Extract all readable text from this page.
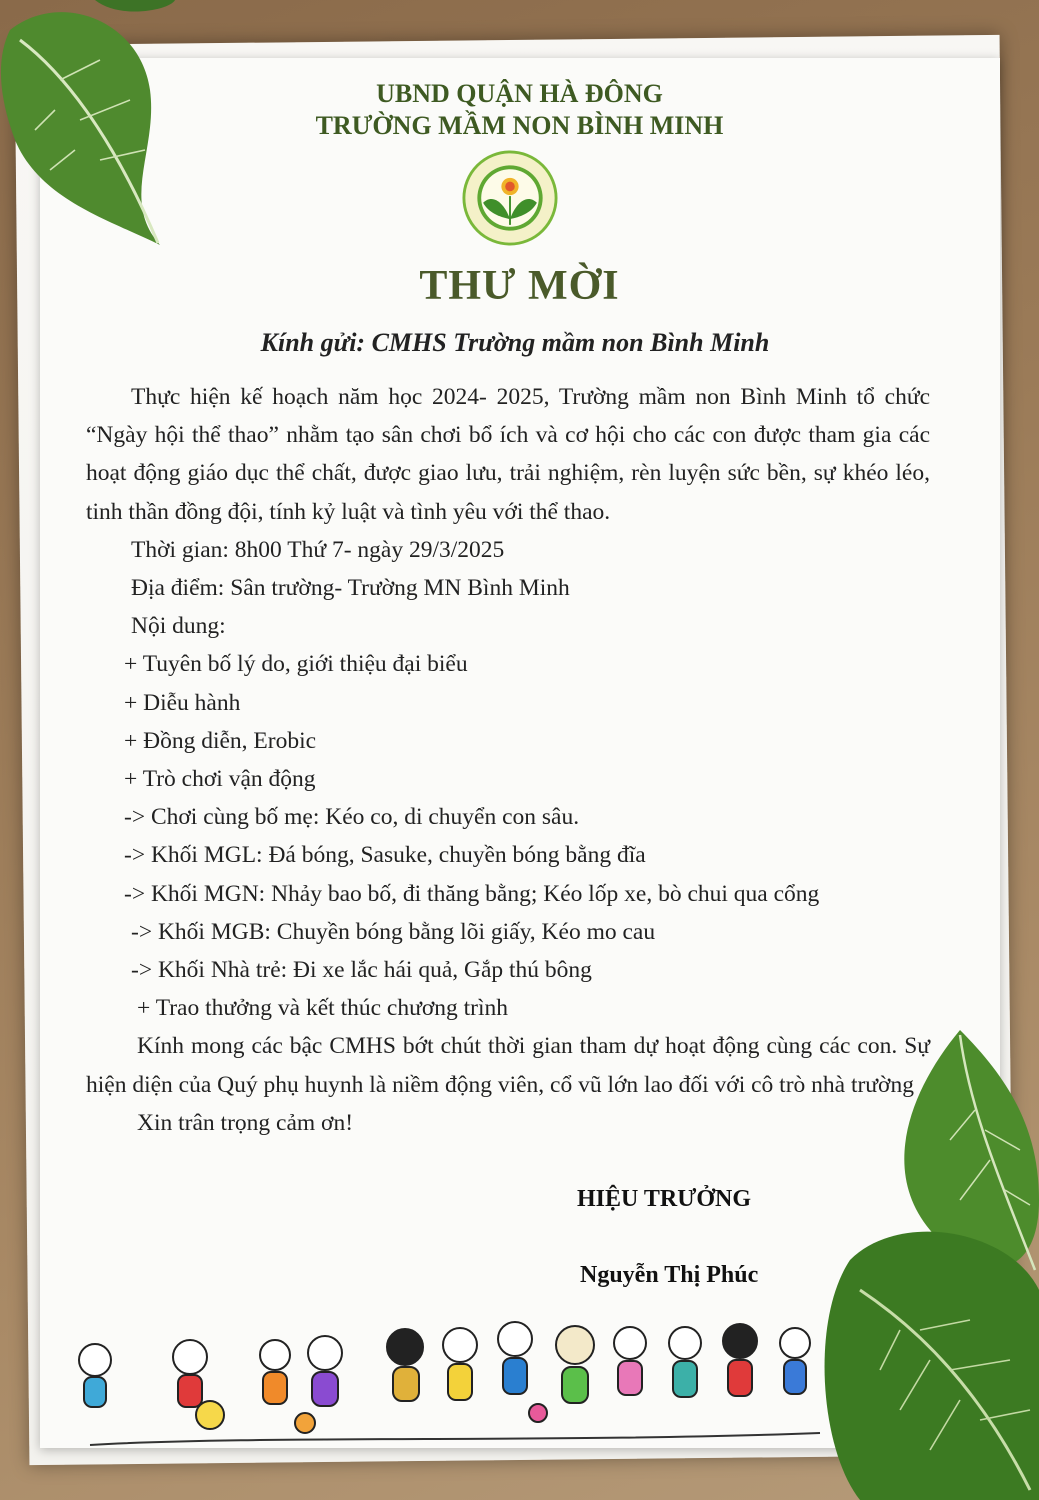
UBND QUẬN HÀ ĐÔNG
TRƯỜNG MẦM NON BÌNH MINH
THƯ MỜI
Kính gửi: CMHS Trường mầm non Bình Minh

Thực hiện kế hoạch năm học 2024- 2025, Trường mầm non Bình Minh tổ chức “Ngày hội thể thao” nhằm tạo sân chơi bổ ích và cơ hội cho các con được tham gia các hoạt động giáo dục thể chất, được giao lưu, trải nghiệm, rèn luyện sức bền, sự khéo léo, tinh thần đồng đội, tính kỷ luật và tình yêu với thể thao.

Thời gian: 8h00 Thứ 7- ngày 29/3/2025

Địa điểm: Sân trường- Trường MN Bình Minh

Nội dung:

+ Tuyên bố lý do, giới thiệu đại biểu

+ Diễu hành

+ Đồng diễn, Erobic

+ Trò chơi vận động

-> Chơi cùng bố mẹ: Kéo co, di chuyển con sâu.

-> Khối MGL: Đá bóng, Sasuke, chuyền bóng bằng đĩa

-> Khối MGN: Nhảy bao bố, đi thăng bằng; Kéo lốp xe, bò chui qua cổng

-> Khối MGB: Chuyền bóng bằng lõi giấy, Kéo mo cau

-> Khối Nhà trẻ: Đi xe lắc hái quả, Gắp thú bông

+ Trao thưởng và kết thúc chương trình

Kính mong các bậc CMHS bớt chút thời gian tham dự hoạt động cùng các con. Sự hiện diện của Quý phụ huynh là niềm động viên, cổ vũ lớn lao đối với cô trò nhà trường

Xin trân trọng cảm ơn!

HIỆU TRƯỞNG
Nguyễn Thị Phúc
